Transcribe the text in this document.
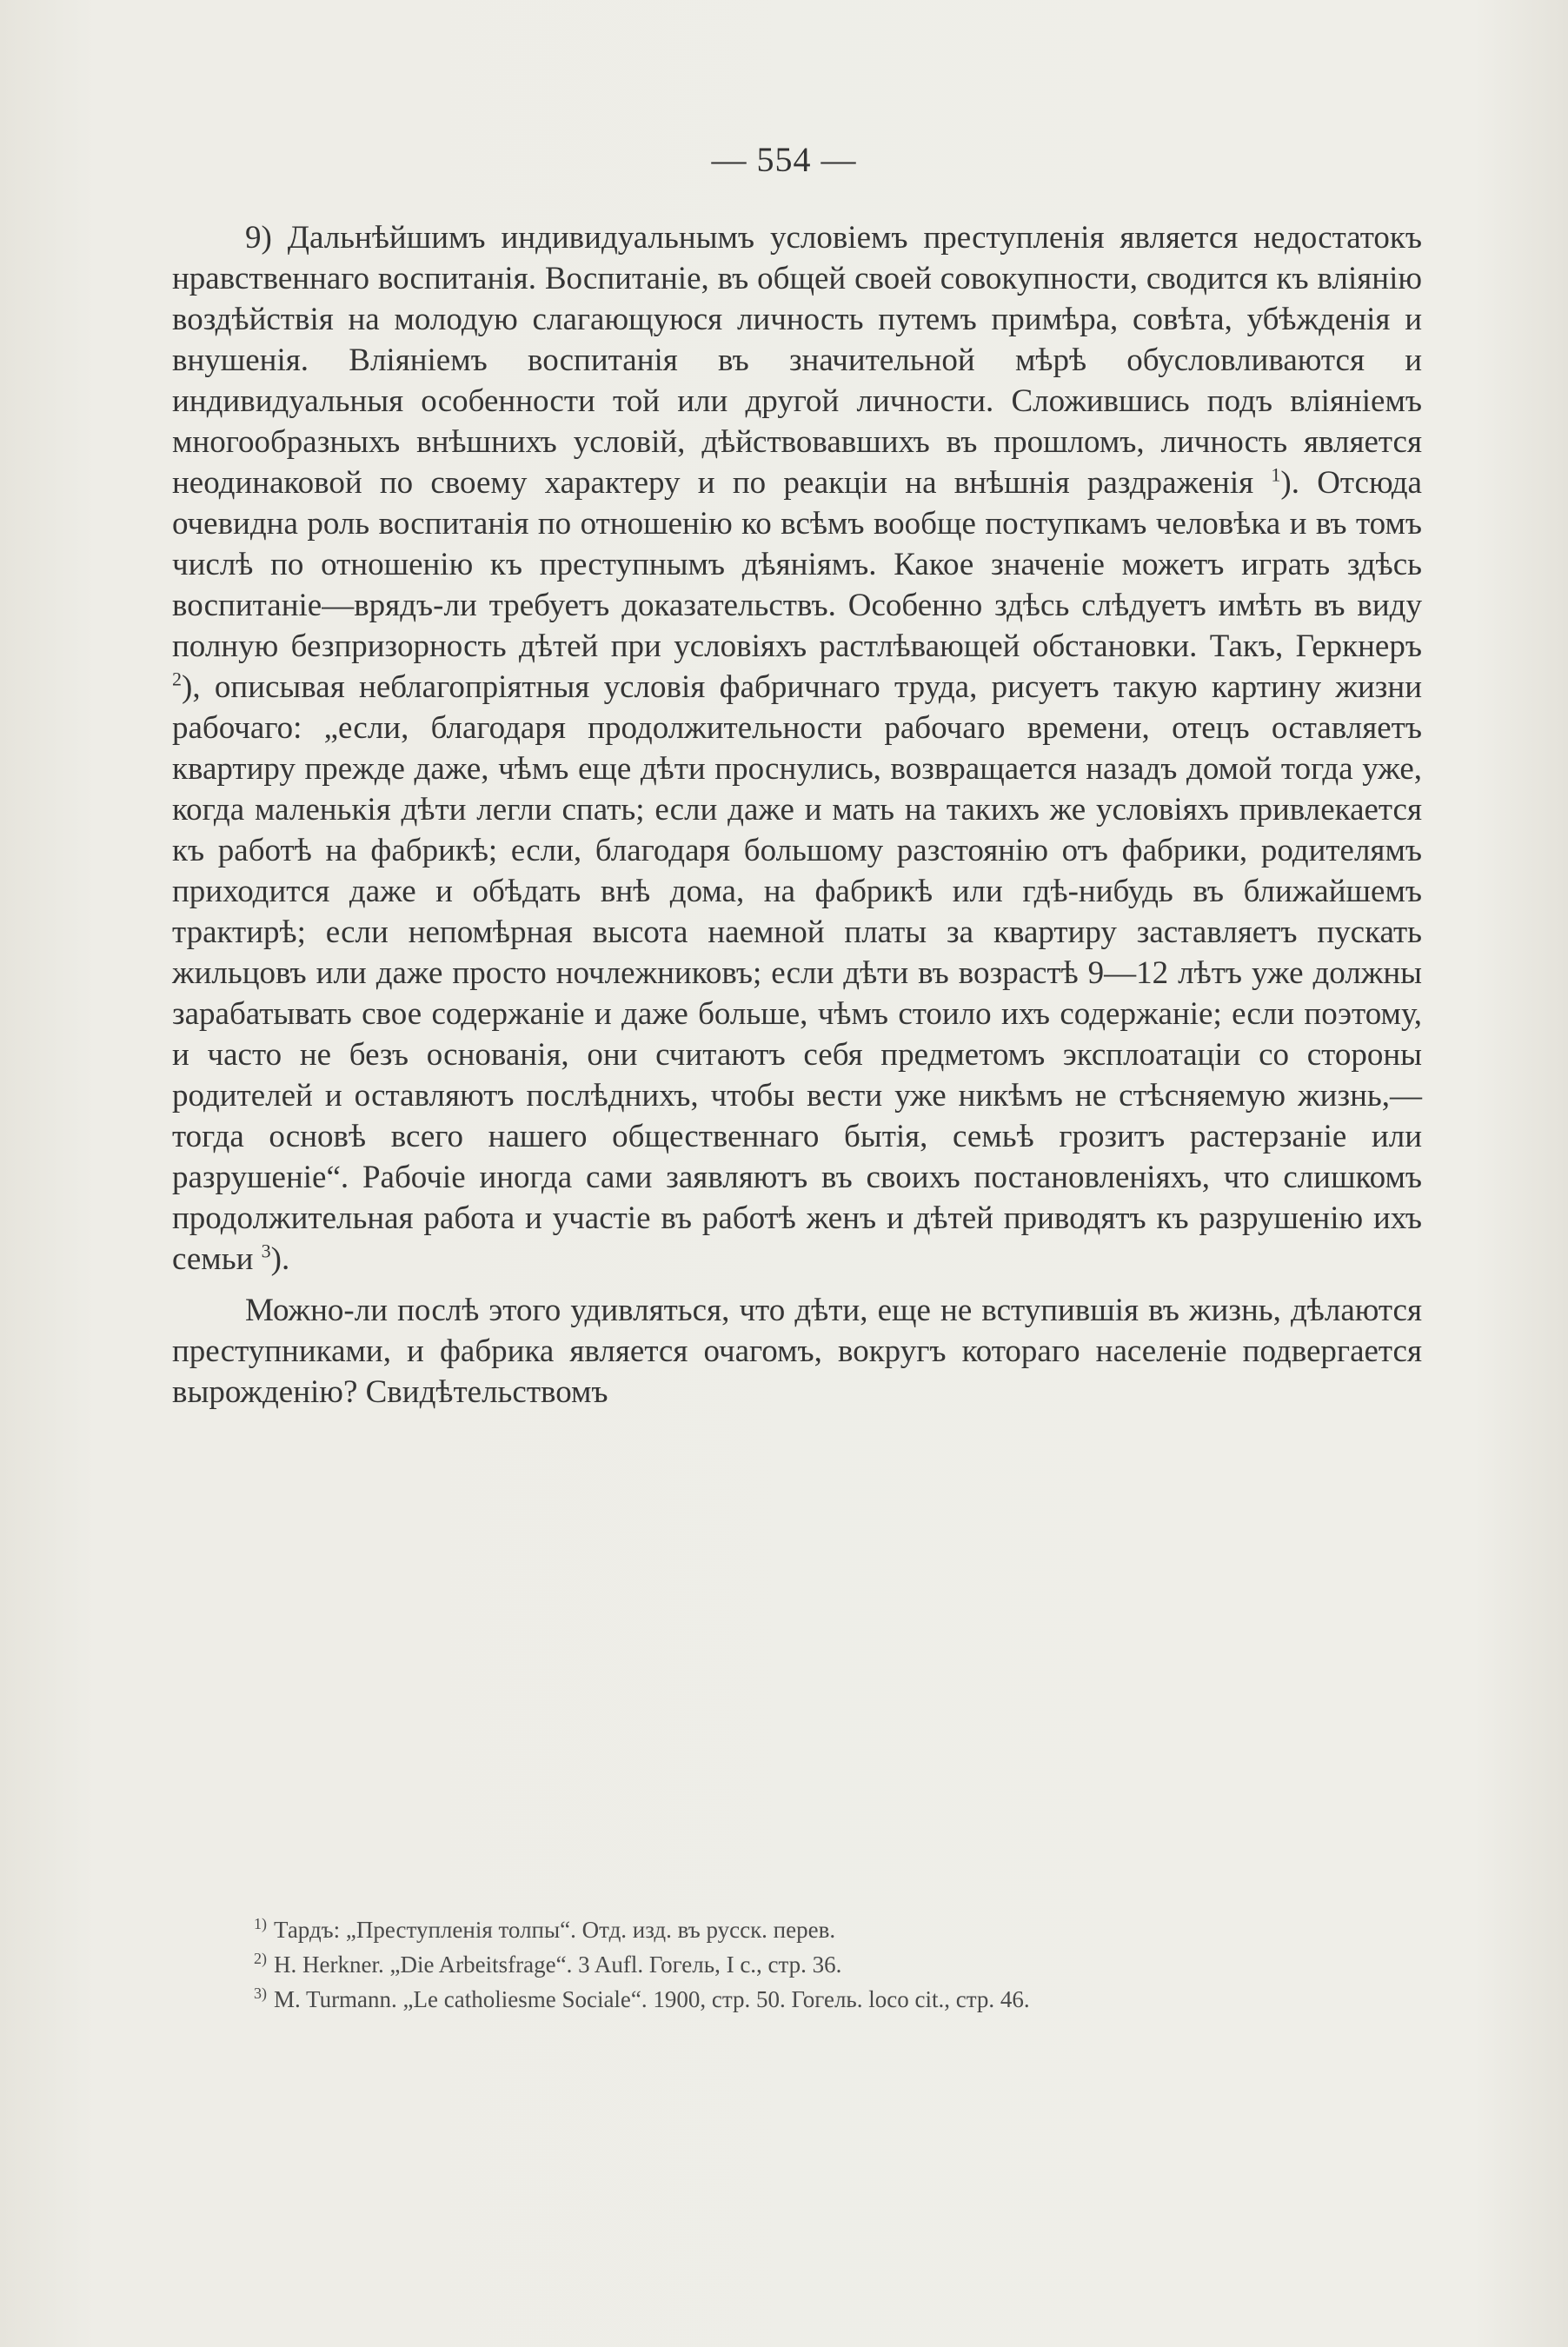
— 554 —

9) Дальнѣйшимъ индивидуальнымъ условіемъ преступленія является недостатокъ нравственнаго воспитанія. Воспитаніе, въ общей своей совокупности, сводится къ вліянію воздѣйствія на молодую слагающуюся личность путемъ примѣра, совѣта, убѣжденія и внушенія. Вліяніемъ воспитанія въ значительной мѣрѣ обусловливаются и индивидуальныя особенности той или другой личности. Сложившись подъ вліяніемъ многообразныхъ внѣшнихъ условій, дѣйствовавшихъ въ прошломъ, личность является неодинаковой по своему характеру и по реакціи на внѣшнія раздраженія $^1$). Отсюда очевидна роль воспитанія по отношенію ко всѣмъ вообще поступкамъ человѣка и въ томъ числѣ по отношенію къ преступнымъ дѣяніямъ. Какое значеніе можетъ играть здѣсь воспитаніе—врядъ-ли требуетъ доказательствъ. Особенно здѣсь слѣдуетъ имѣть въ виду полную безпризорность дѣтей при условіяхъ растлѣвающей обстановки. Такъ, Геркнеръ $^2$), описывая неблагопріятныя условія фабричнаго труда, рисуетъ такую картину жизни рабочаго: „если, благодаря продолжительности рабочаго времени, отецъ оставляетъ квартиру прежде даже, чѣмъ еще дѣти проснулись, возвращается назадъ домой тогда уже, когда маленькія дѣти легли спать; если даже и мать на такихъ же условіяхъ привлекается къ работѣ на фабрикѣ; если, благодаря большому разстоянію отъ фабрики, родителямъ приходится даже и обѣдать внѣ дома, на фабрикѣ или гдѣ-нибудь въ ближайшемъ трактирѣ; если непомѣрная высота наемной платы за квартиру заставляетъ пускать жильцовъ или даже просто ночлежниковъ; если дѣти въ возрастѣ 9—12 лѣтъ уже должны зарабатывать свое содержаніе и даже больше, чѣмъ стоило ихъ содержаніе; если поэтому, и часто не безъ основанія, они считаютъ себя предметомъ эксплоатаціи со стороны родителей и оставляютъ послѣднихъ, чтобы вести уже никѣмъ не стѣсняемую жизнь,—тогда основѣ всего нашего общественнаго бытія, семьѣ грозитъ растерзаніе или разрушеніе“. Рабочіе иногда сами заявляютъ въ своихъ постановленіяхъ, что слишкомъ продолжительная работа и участіе въ работѣ женъ и дѣтей приводятъ къ разрушенію ихъ семьи $^3$).

Можно-ли послѣ этого удивляться, что дѣти, еще не вступившія въ жизнь, дѣлаются преступниками, и фабрика является очагомъ, вокругъ котораго населеніе подвергается вырожденію? Свидѣтельствомъ

$^{1)}$ Тардъ: „Преступленія толпы“. Отд. изд. въ русск. перев.

$^{2)}$ H. Herkner. „Die Arbeitsfrage“. 3 Aufl. Гогель, I c., стр. 36.

$^{3)}$ M. Turmann. „Le catholiesme Sociale“. 1900, стр. 50. Гогель. loco cit., стр. 46.
